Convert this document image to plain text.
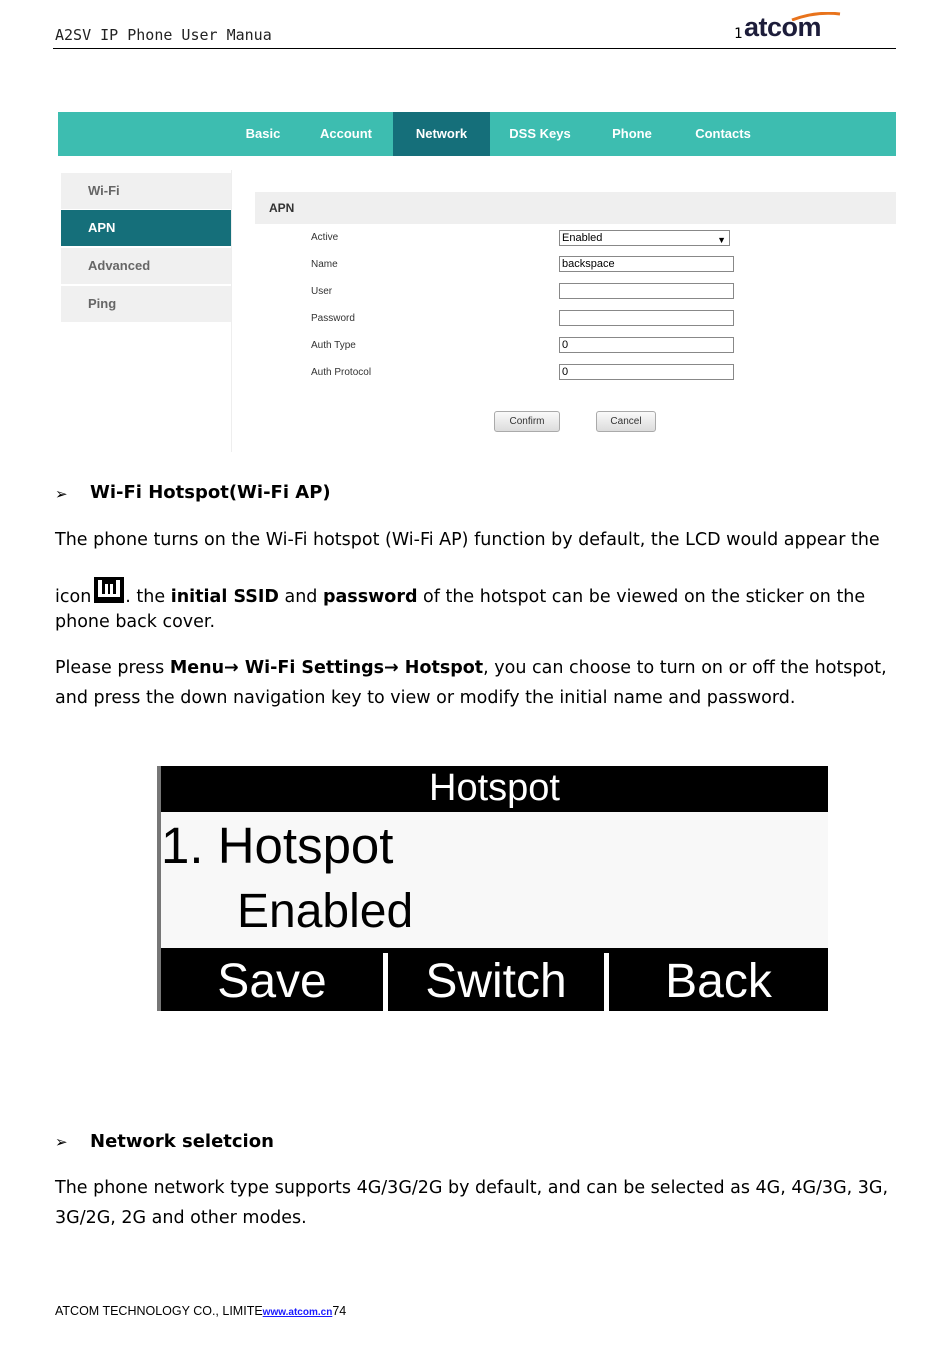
A2SV IP Phone User Manua	1 atcom
Basic	Account	Network	DSS Keys	Phone	Contacts
Wi-Fi
APN
Advanced
Ping
APN
Active	Enabled	▼
Name	backspace
User
Password
Auth Type	0
Auth Protocol	0
Confirm	Cancel
➢ Wi-Fi Hotspot(Wi-Fi AP)
The phone turns on the Wi-Fi hotspot (Wi-Fi AP) function by default, the LCD would appear the
icon . the initial SSID and password of the hotspot can be viewed on the sticker on the
phone back cover.
Please press Menu→ Wi-Fi Settings→ Hotspot, you can choose to turn on or off the hotspot,
and press the down navigation key to view or modify the initial name and password.
Hotspot
1. Hotspot
Enabled
Save	Switch	Back
➢ Network seletcion
The phone network type supports 4G/3G/2G by default, and can be selected as 4G, 4G/3G, 3G,
3G/2G, 2G and other modes.
ATCOM TECHNOLOGY CO., LIMITEwww.atcom.cn74
